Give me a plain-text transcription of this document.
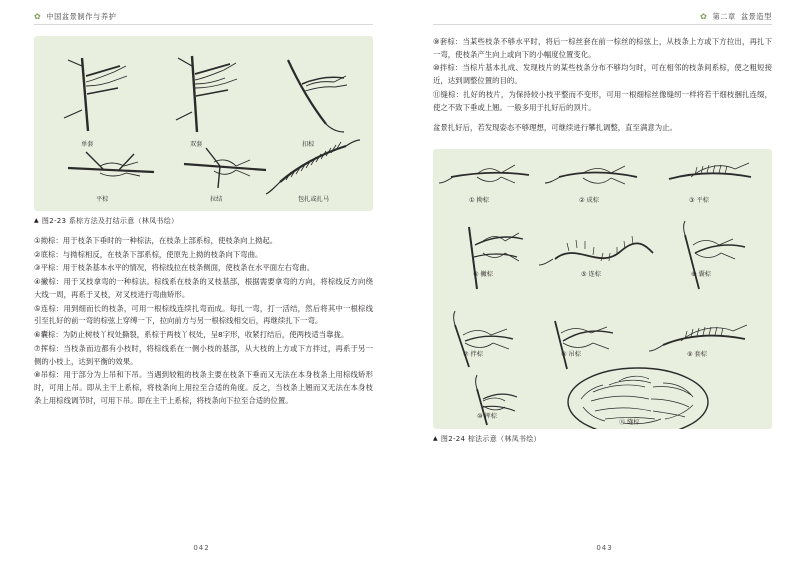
✿ 中国盆景制作与养护
单套	双套	扣棕
平棕	拉结	包扎或扎马
▲ 图2-23 系棕方法及打结示意（林凤书绘）

①拗棕：用于枝条下垂时的一种棕法，在枝条上部系棕，使枝条向上拗起。

②底棕：与拗棕相反，在枝条下部系棕，使原先上拗的枝条向下弯曲。

③平棕：用于枝条基本水平的情况，将棕线拉在枝条侧面，使枝条在水平面左右弯曲。

④撇棕：用于叉枝拿弯的一种棕法。棕线系在枝条的叉枝基部，根据需要拿弯的方向，将棕线反方向绕大线一周，再系于叉枝，对叉枝进行弯曲矫形。

⑤连棕：用到细而长的枝条，可用一根棕线连续扎弯而成。每扎一弯，打一活结，然后将其中一根棕线引至扎好的前一弯的棕弦上穿缚一下，拉向前方与另一根棕线相交后，再继续扎下一弯。

⑥囊棕：为防止树枝丫杈处撕裂，系棕于两枝丫杈处，呈8字形，收紧打结后，使两枝适当靠拢。

⑦挥棕：当枝条而边都有小枝时，将棕线系在一侧小枝的基部，从大枝的上方或下方拌过，再系于另一侧的小枝上，达到平衡的效果。

⑧吊棕：用于部分为上吊和下吊。当遇到较粗的枝条主要在枝条下垂而又无法在本身枝条上用棕线矫形时，可用上吊。即从主干上系棕，将枝条向上用拉至合适的角度。反之，当枝条上翘而又无法在本身枝条上用棕线调节时，可用下吊。即在主干上系棕，将枝条向下拉至合适的位置。

042
✿ 第二章 盆景造型

⑨套棕：当某些枝条不够水平时，将后一棕丝套在前一棕丝的棕弦上，从枝条上方或下方拉出，再扎下一弯，使枝条产生向上或向下的小幅度位置变化。

⑩拌棕：当棕片基本扎成、发现枝片的某些枝条分布不够均匀时，可在相邻的枝条间系棕，使之粗短接近，达到调整位置的目的。

⑪缝棕：扎好的枝片，为保持较小枝平整而不变形，可用一根细棕丝像缝纫一样将若干细枝捆扎连缀，使之不致下垂或上翘。一般多用于扎好后的顶片。

盆景扎好后，若发现姿态不够理想，可继续进行攀扎调整，直至满意为止。

① 拗棕	② 成棕	③ 平棕
④ 撇棕	⑤ 连棕	⑥ 囊棕
⑦ 拌棕	⑧ 吊棕	⑨ 套棕
⑩ 挥棕
⑪ 缝棕
▲ 图2-24 棕法示意（林凤书绘）
043
